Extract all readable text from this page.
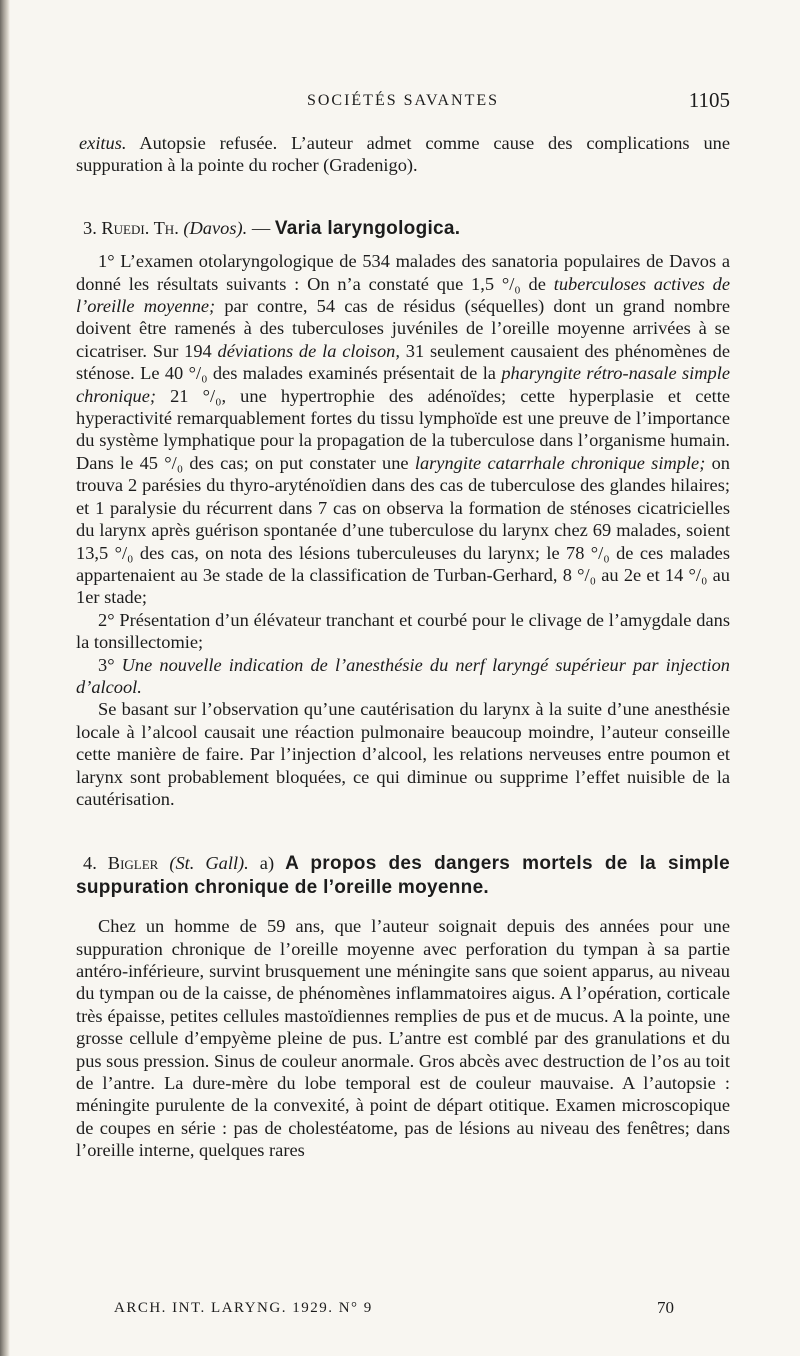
SOCIÉTÉS SAVANTES	1105

exitus. Autopsie refusée. L’auteur admet comme cause des complications une suppuration à la pointe du rocher (Gradenigo).

3. Ruedi. Th. (Davos). — Varia laryngologica.

1° L’examen otolaryngologique de 534 malades des sanatoria populaires de Davos a donné les résultats suivants : On n’a constaté que 1,5 °/₀ de tuberculoses actives de l’oreille moyenne; par contre, 54 cas de résidus (séquelles) dont un grand nombre doivent être ramenés à des tuberculoses juvéniles de l’oreille moyenne arrivées à se cicatriser. Sur 194 déviations de la cloison, 31 seulement causaient des phénomènes de sténose. Le 40 °/₀ des malades examinés présentait de la pharyngite rétro-nasale simple chronique; 21 °/₀, une hypertrophie des adénoïdes; cette hyperplasie et cette hyperactivité remarquablement fortes du tissu lymphoïde est une preuve de l’importance du système lymphatique pour la propagation de la tuberculose dans l’organisme humain. Dans le 45 °/₀ des cas; on put constater une laryngite catarrhale chronique simple; on trouva 2 parésies du thyro-aryténoïdien dans des cas de tuberculose des glandes hilaires; et 1 paralysie du récurrent dans 7 cas on observa la formation de sténoses cicatricielles du larynx après guérison spontanée d’une tuberculose du larynx chez 69 malades, soient 13,5 °/₀ des cas, on nota des lésions tuberculeuses du larynx; le 78 °/₀ de ces malades appartenaient au 3e stade de la classification de Turban-Gerhard, 8 °/₀ au 2e et 14 °/₀ au 1er stade;

2° Présentation d’un élévateur tranchant et courbé pour le clivage de l’amygdale dans la tonsillectomie;

3° Une nouvelle indication de l’anesthésie du nerf laryngé supérieur par injection d’alcool.

Se basant sur l’observation qu’une cautérisation du larynx à la suite d’une anesthésie locale à l’alcool causait une réaction pulmonaire beaucoup moindre, l’auteur conseille cette manière de faire. Par l’injection d’alcool, les relations nerveuses entre poumon et larynx sont probablement bloquées, ce qui diminue ou supprime l’effet nuisible de la cautérisation.

4. Bigler (St. Gall). a) A propos des dangers mortels de la simple suppuration chronique de l’oreille moyenne.

Chez un homme de 59 ans, que l’auteur soignait depuis des années pour une suppuration chronique de l’oreille moyenne avec perforation du tympan à sa partie antéro-inférieure, survint brusquement une méningite sans que soient apparus, au niveau du tympan ou de la caisse, de phénomènes inflammatoires aigus. A l’opération, corticale très épaisse, petites cellules mastoïdiennes remplies de pus et de mucus. A la pointe, une grosse cellule d’empyème pleine de pus. L’antre est comblé par des granulations et du pus sous pression. Sinus de couleur anormale. Gros abcès avec destruction de l’os au toit de l’antre. La dure-mère du lobe temporal est de couleur mauvaise. A l’autopsie : méningite purulente de la convexité, à point de départ otitique. Examen microscopique de coupes en série : pas de cholestéatome, pas de lésions au niveau des fenêtres; dans l’oreille interne, quelques rares

ARCH. INT. LARYNG. 1929. N° 9	70
